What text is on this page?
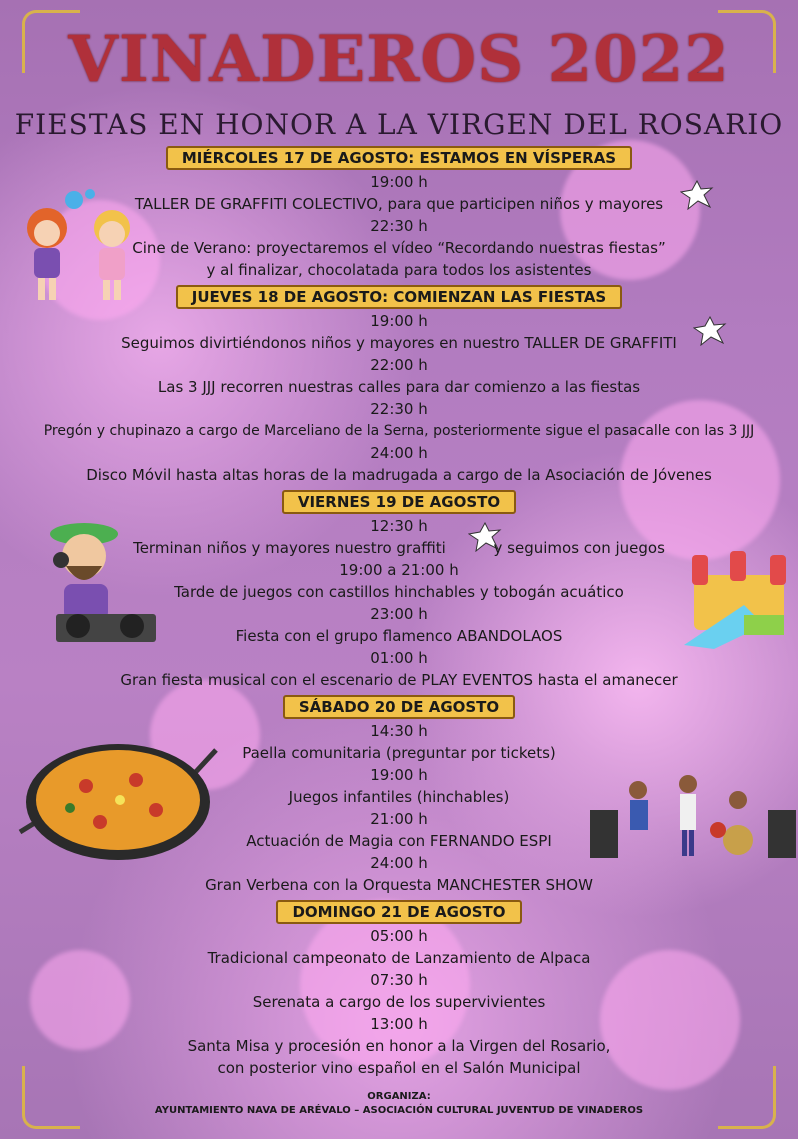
VINADEROS 2022
FIESTAS EN HONOR A LA VIRGEN DEL ROSARIO
MIÉRCOLES 17 DE AGOSTO: ESTAMOS EN VÍSPERAS
19:00 h
TALLER DE GRAFFITI COLECTIVO, para que participen niños y mayores
22:30 h
Cine de Verano: proyectaremos el vídeo “Recordando nuestras fiestas”
y al finalizar, chocolatada para todos los asistentes
JUEVES 18 DE AGOSTO: COMIENZAN LAS FIESTAS
19:00 h
Seguimos divirtiéndonos niños y mayores en nuestro TALLER DE GRAFFITI
22:00 h
Las 3 JJJ recorren nuestras calles para dar comienzo a las fiestas
22:30 h
Pregón y chupinazo a cargo de Marceliano de la Serna, posteriormente sigue el pasacalle con las 3 JJJ
24:00 h
Disco Móvil hasta altas horas de la madrugada a cargo de la Asociación de Jóvenes
VIERNES 19 DE AGOSTO
12:30 h
Terminan niños y mayores nuestro graffiti          y seguimos con juegos
19:00 a 21:00 h
Tarde de juegos con castillos hinchables y tobogán acuático
23:00 h
Fiesta con el grupo flamenco ABANDOLAOS
01:00 h
Gran fiesta musical con el escenario de PLAY EVENTOS hasta el amanecer
SÁBADO 20 DE AGOSTO
14:30 h
Paella comunitaria (preguntar por tickets)
19:00 h
Juegos infantiles (hinchables)
21:00 h
Actuación de Magia con FERNANDO ESPI
24:00 h
Gran Verbena con la Orquesta MANCHESTER SHOW
DOMINGO 21 DE AGOSTO
05:00 h
Tradicional campeonato de Lanzamiento de Alpaca
07:30 h
Serenata a cargo de los supervivientes
13:00 h
Santa Misa y procesión en honor a la Virgen del Rosario,
con posterior vino español en el Salón Municipal
ORGANIZA:
AYUNTAMIENTO NAVA DE ARÉVALO – ASOCIACIÓN CULTURAL JUVENTUD DE VINADEROS
